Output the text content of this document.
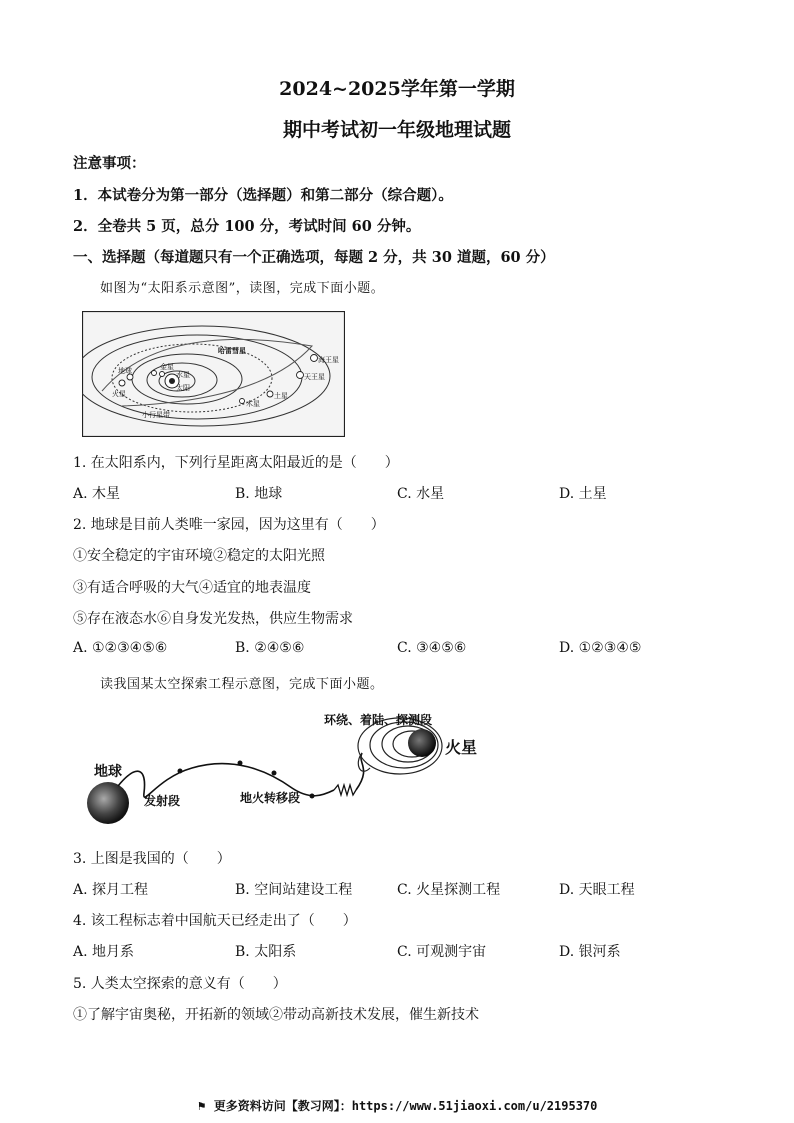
2024~2025学年第一学期
期中考试初一年级地理试题
注意事项：
1．本试卷分为第一部分（选择题）和第二部分（综合题）。
2．全卷共 5 页，总分 100 分，考试时间 60 分钟。
一、选择题（每道题只有一个正确选项，每题 2 分，共 30 道题，60 分）
如图为“太阳系示意图”，读图，完成下面小题。
哈雷彗星
水星
太阳
金星
地球
火星	土星
天王星
海王星
木星
小行星带
1. 在太阳系内，下列行星距离太阳最近的是（　　）
A. 木星	B. 地球	C. 水星	D. 土星
2. 地球是目前人类唯一家园，因为这里有（　　）
①安全稳定的宇宙环境②稳定的太阳光照
③有适合呼吸的大气④适宜的地表温度
⑤存在液态水⑥自身发光发热，供应生物需求
A. ①②③④⑤⑥	B. ②④⑤⑥	C. ③④⑤⑥	D. ①②③④⑤
读我国某太空探索工程示意图，完成下面小题。
地球
发射段	地火转移段
环绕、着陆、探测段
火星
3. 上图是我国的（　　）
A. 探月工程	B. 空间站建设工程	C. 火星探测工程	D. 天眼工程
4. 该工程标志着中国航天已经走出了（　　）
A. 地月系	B. 太阳系	C. 可观测宇宙	D. 银河系
5. 人类太空探索的意义有（　　）
①了解宇宙奥秘，开拓新的领域②带动高新技术发展，催生新技术
⚑ 更多资料访问【教习网】：https://www.51jiaoxi.com/u/2195370
